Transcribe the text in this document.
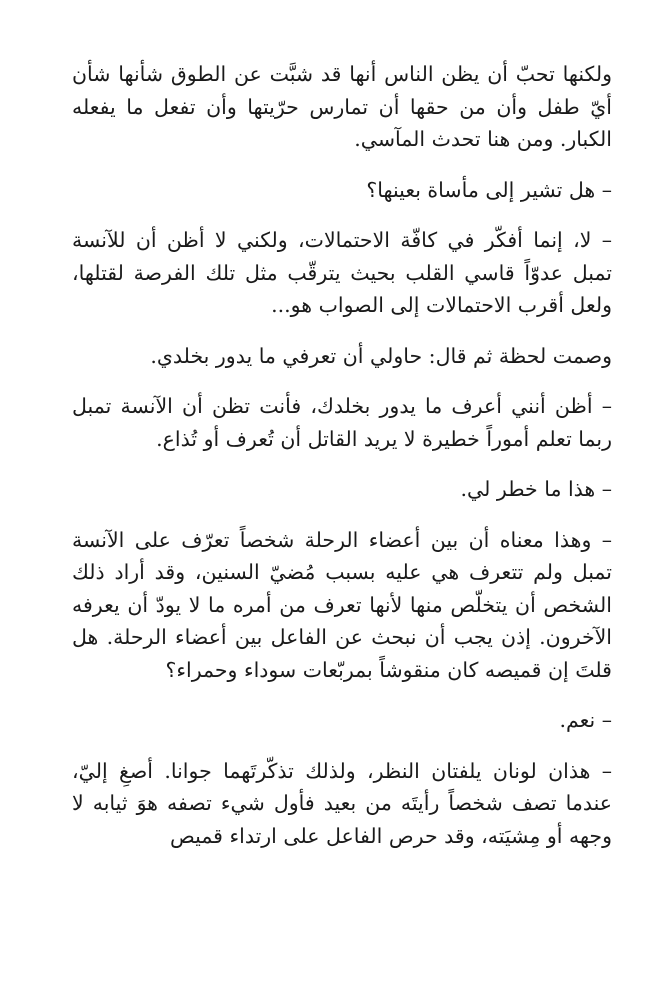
ولكنها تحبّ أن يظن الناس أنها قد شبَّت عن الطوق شأنها شأن أيّ طفل وأن من حقها أن تمارس حرّيتها وأن تفعل ما يفعله الكبار. ومن هنا تحدث المآسي.

– هل تشير إلى مأساة بعينها؟

– لا، إنما أفكّر في كافّة الاحتمالات، ولكني لا أظن أن للآنسة تمبل عدوّاً قاسي القلب بحيث يترقّب مثل تلك الفرصة لقتلها، ولعل أقرب الاحتمالات إلى الصواب هو...

وصمت لحظة ثم قال: حاولي أن تعرفي ما يدور بخلدي.

– أظن أنني أعرف ما يدور بخلدك، فأنت تظن أن الآنسة تمبل ربما تعلم أموراً خطيرة لا يريد القاتل أن تُعرف أو تُذاع.

– هذا ما خطر لي.

– وهذا معناه أن بين أعضاء الرحلة شخصاً تعرّف على الآنسة تمبل ولم تتعرف هي عليه بسبب مُضيّ السنين، وقد أراد ذلك الشخص أن يتخلّص منها لأنها تعرف من أمره ما لا يودّ أن يعرفه الآخرون. إذن يجب أن نبحث عن الفاعل بين أعضاء الرحلة. هل قلتَ إن قميصه كان منقوشاً بمربّعات سوداء وحمراء؟

– نعم.

– هذان لونان يلفتان النظر، ولذلك تذكّرتَهما جوانا. أصغِ إليّ، عندما تصف شخصاً رأيتَه من بعيد فأول شيء تصفه هوَ ثيابه لا وجهه أو مِشيَته، وقد حرص الفاعل على ارتداء قميص
